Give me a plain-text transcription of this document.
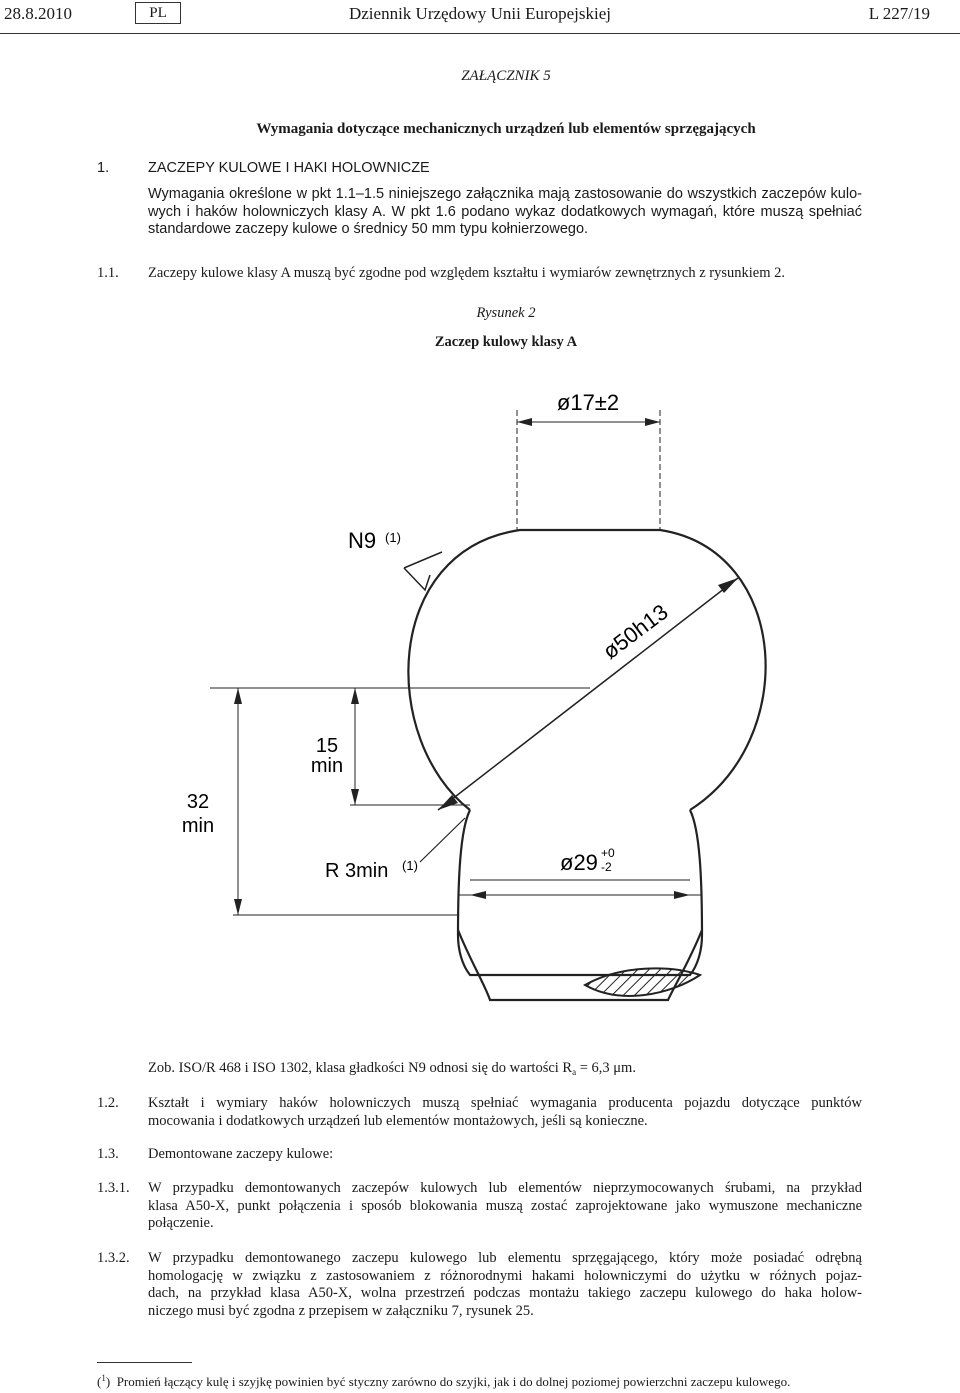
28.8.2010	PL	Dziennik Urzędowy Unii Europejskiej	L 227/19
ZAŁĄCZNIK 5
Wymagania dotyczące mechanicznych urządzeń lub elementów sprzęgających
1.	ZACZEPY KULOWE I HAKI HOLOWNICZE
Wymagania określone w pkt 1.1–1.5 niniejszego załącznika mają zastosowanie do wszystkich zaczepów kulo-
wych i haków holowniczych klasy A. W pkt 1.6 podano wykaz dodatkowych wymagań, które muszą spełniać
standardowe zaczepy kulowe o średnicy 50 mm typu kołnierzowego.
1.1. Zaczepy kulowe klasy A muszą być zgodne pod względem kształtu i wymiarów zewnętrznych z rysunkiem 2.
Rysunek 2
Zaczep kulowy klasy A
ø17±2
N9 (1)
ø50h13
15
min
32
min
R 3min (1)	ø29 +0
-2
Zob. ISO/R 468 i ISO 1302, klasa gładkości N9 odnosi się do wartości $R_a = 6,3$ μm.
1.2. Kształt i wymiary haków holowniczych muszą spełniać wymagania producenta pojazdu dotyczące punktów
mocowania i dodatkowych urządzeń lub elementów montażowych, jeśli są konieczne.
1.3. Demontowane zaczepy kulowe:
1.3.1. W przypadku demontowanych zaczepów kulowych lub elementów nieprzymocowanych śrubami, na przykład
klasa A50-X, punkt połączenia i sposób blokowania muszą zostać zaprojektowane jako wymuszone mechaniczne
połączenie.
1.3.2. W przypadku demontowanego zaczepu kulowego lub elementu sprzęgającego, który może posiadać odrębną
homologację w związku z zastosowaniem z różnorodnymi hakami holowniczymi do użytku w różnych pojaz-
dach, na przykład klasa A50-X, wolna przestrzeń podczas montażu takiego zaczepu kulowego do haka holow-
niczego musi być zgodna z przepisem w załączniku 7, rysunek 25.
($^1$)  Promień łączący kulę i szyjkę powinien być styczny zarówno do szyjki, jak i do dolnej poziomej powierzchni zaczepu kulowego.
